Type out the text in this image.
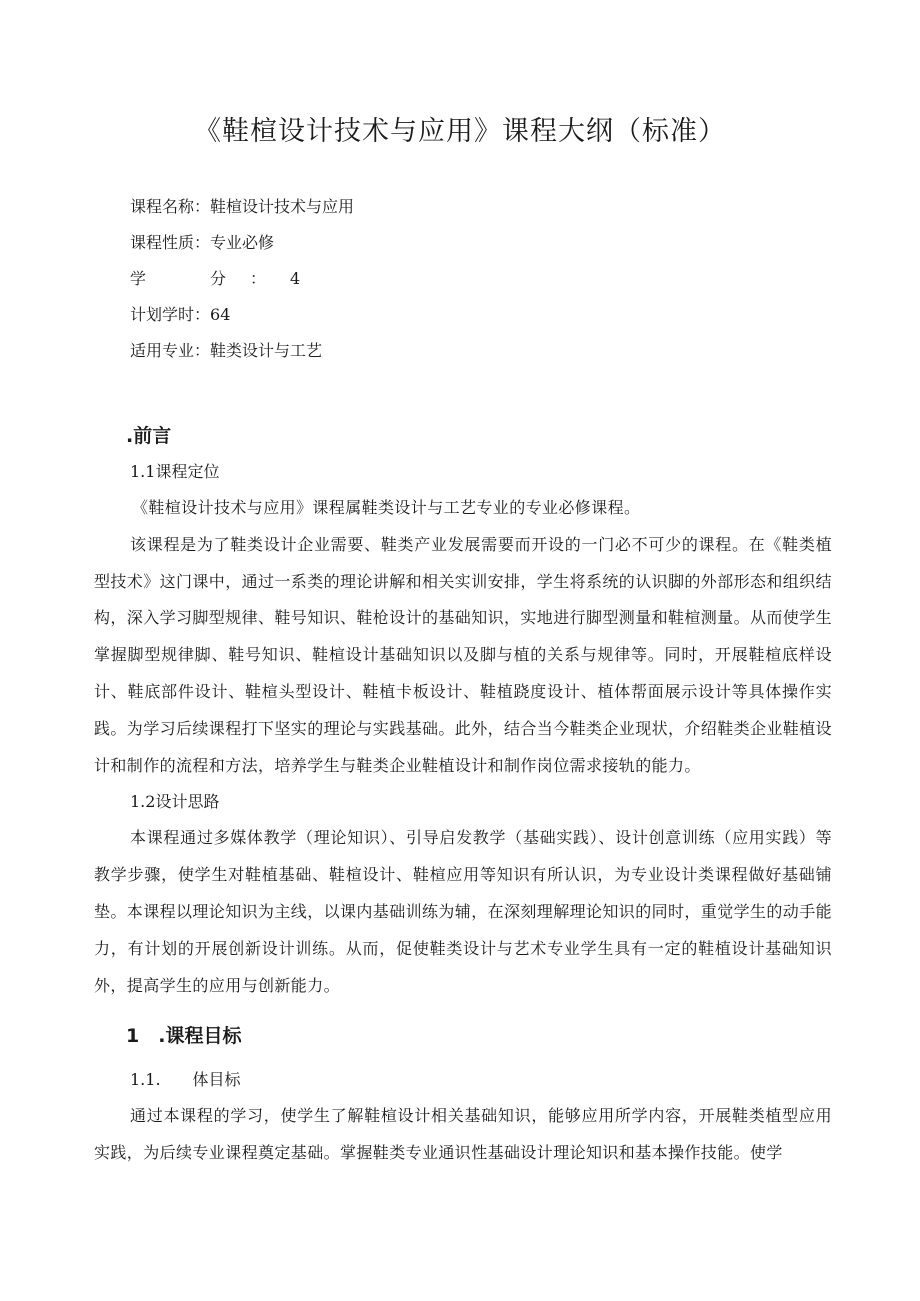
《鞋楦设计技术与应用》课程大纲（标准）
课程名称：鞋楦设计技术与应用
课程性质：专业必修
学　分：4
计划学时：64
适用专业：鞋类设计与工艺
.前言
1.1课程定位

《鞋楦设计技术与应用》课程属鞋类设计与工艺专业的专业必修课程。

该课程是为了鞋类设计企业需要、鞋类产业发展需要而开设的一门必不可少的课程。在《鞋类植型技术》这门课中，通过一系类的理论讲解和相关实训安排，学生将系统的认识脚的外部形态和组织结构，深入学习脚型规律、鞋号知识、鞋枪设计的基础知识，实地进行脚型测量和鞋楦测量。从而使学生掌握脚型规律脚、鞋号知识、鞋楦设计基础知识以及脚与植的关系与规律等。同时，开展鞋楦底样设计、鞋底部件设计、鞋楦头型设计、鞋植卡板设计、鞋植跷度设计、植体帮面展示设计等具体操作实践。为学习后续课程打下坚实的理论与实践基础。此外，结合当今鞋类企业现状，介绍鞋类企业鞋植设计和制作的流程和方法，培养学生与鞋类企业鞋植设计和制作岗位需求接轨的能力。

1.2设计思路

本课程通过多媒体教学（理论知识）、引导启发教学（基础实践）、设计创意训练（应用实践）等教学步骤，使学生对鞋植基础、鞋楦设计、鞋楦应用等知识有所认识，为专业设计类课程做好基础铺垫。本课程以理论知识为主线，以课内基础训练为辅，在深刻理解理论知识的同时，重觉学生的动手能力，有计划的开展创新设计训练。从而，促使鞋类设计与艺术专业学生具有一定的鞋植设计基础知识外，提高学生的应用与创新能力。

1　.课程目标
1.1.　　体目标

通过本课程的学习，使学生了解鞋楦设计相关基础知识，能够应用所学内容，开展鞋类植型应用实践，为后续专业课程奠定基础。掌握鞋类专业通识性基础设计理论知识和基本操作技能。使学
